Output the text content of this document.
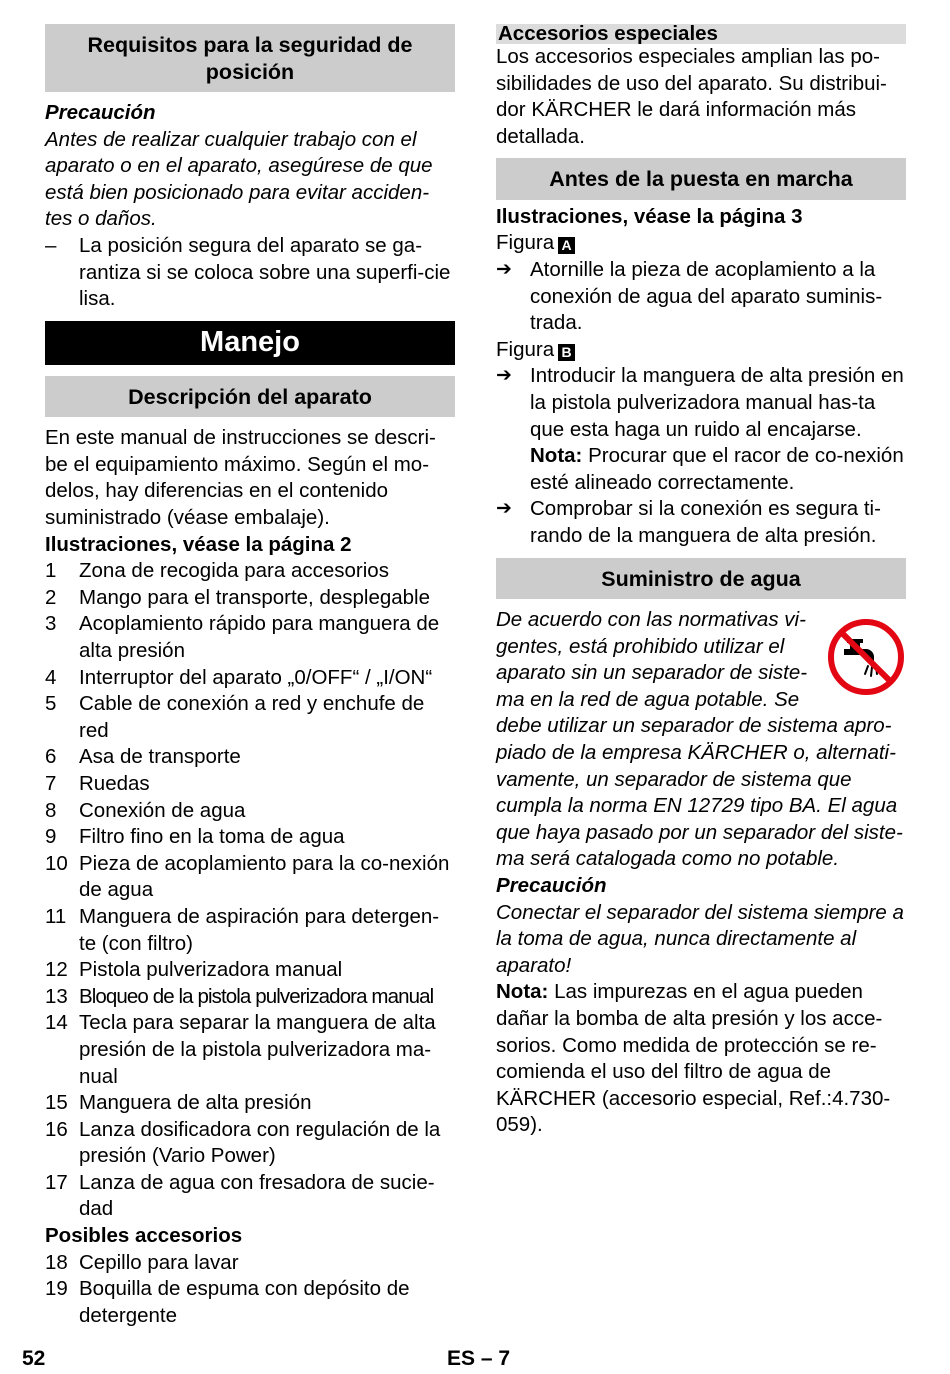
Requisitos para la seguridad de posición

Precaución

Antes de realizar cualquier trabajo con el aparato o en el aparato, asegúrese de que está bien posicionado para evitar acciden-tes o daños.

–	La posición segura del aparato se ga-rantiza si se coloca sobre una superfi-cie lisa.
Manejo
Descripción del aparato

En este manual de instrucciones se descri-be el equipamiento máximo. Según el mo-delos, hay diferencias en el contenido suministrado (véase embalaje).

Ilustraciones, véase la página 2

1	Zona de recogida para accesorios
2	Mango para el transporte, desplegable
3	Acoplamiento rápido para manguera de alta presión
4	Interruptor del aparato „0/OFF“ / „I/ON“
5	Cable de conexión a red y enchufe de red
6	Asa de transporte
7	Ruedas
8	Conexión de agua
9	Filtro fino en la toma de agua
10 Pieza de acoplamiento para la co-nexión de agua
11 Manguera de aspiración para detergen-te (con filtro)
12 Pistola pulverizadora manual
13 Bloqueo de la pistola pulverizadora manual
14 Tecla para separar la manguera de alta presión de la pistola pulverizadora ma-nual
15 Manguera de alta presión
16 Lanza dosificadora con regulación de la presión (Vario Power)
17 Lanza de agua con fresadora de sucie-dad

Posibles accesorios

18 Cepillo para lavar
19 Boquilla de espuma con depósito de detergente
Accesorios especiales

Los accesorios especiales amplian las po-sibilidades de uso del aparato. Su distribui-dor KÄRCHER le dará información más detallada.

Antes de la puesta en marcha

Ilustraciones, véase la página 3

Figura A

➔ Atornille la pieza de acoplamiento a la conexión de agua del aparato suminis-trada.

Figura B

➔ Introducir la manguera de alta presión en la pistola pulverizadora manual has-ta que esta haga un ruido al encajarse.
Nota: Procurar que el racor de co-nexión esté alineado correctamente.
➔ Comprobar si la conexión es segura ti-rando de la manguera de alta presión.
Suministro de agua

De acuerdo con las normativas vi-gentes, está prohibido utilizar el aparato sin un separador de siste-ma en la red de agua potable. Se debe utilizar un separador de sistema apro-piado de la empresa KÄRCHER o, alternati-vamente, un separador de sistema que cumpla la norma EN 12729 tipo BA. El agua que haya pasado por un separador del siste-ma será catalogada como no potable.

Precaución

Conectar el separador del sistema siempre a la toma de agua, nunca directamente al aparato!

Nota: Las impurezas en el agua pueden dañar la bomba de alta presión y los acce-sorios. Como medida de protección se re-comienda el uso del filtro de agua de KÄRCHER (accesorio especial, Ref.:4.730-059).

52	ES – 7
